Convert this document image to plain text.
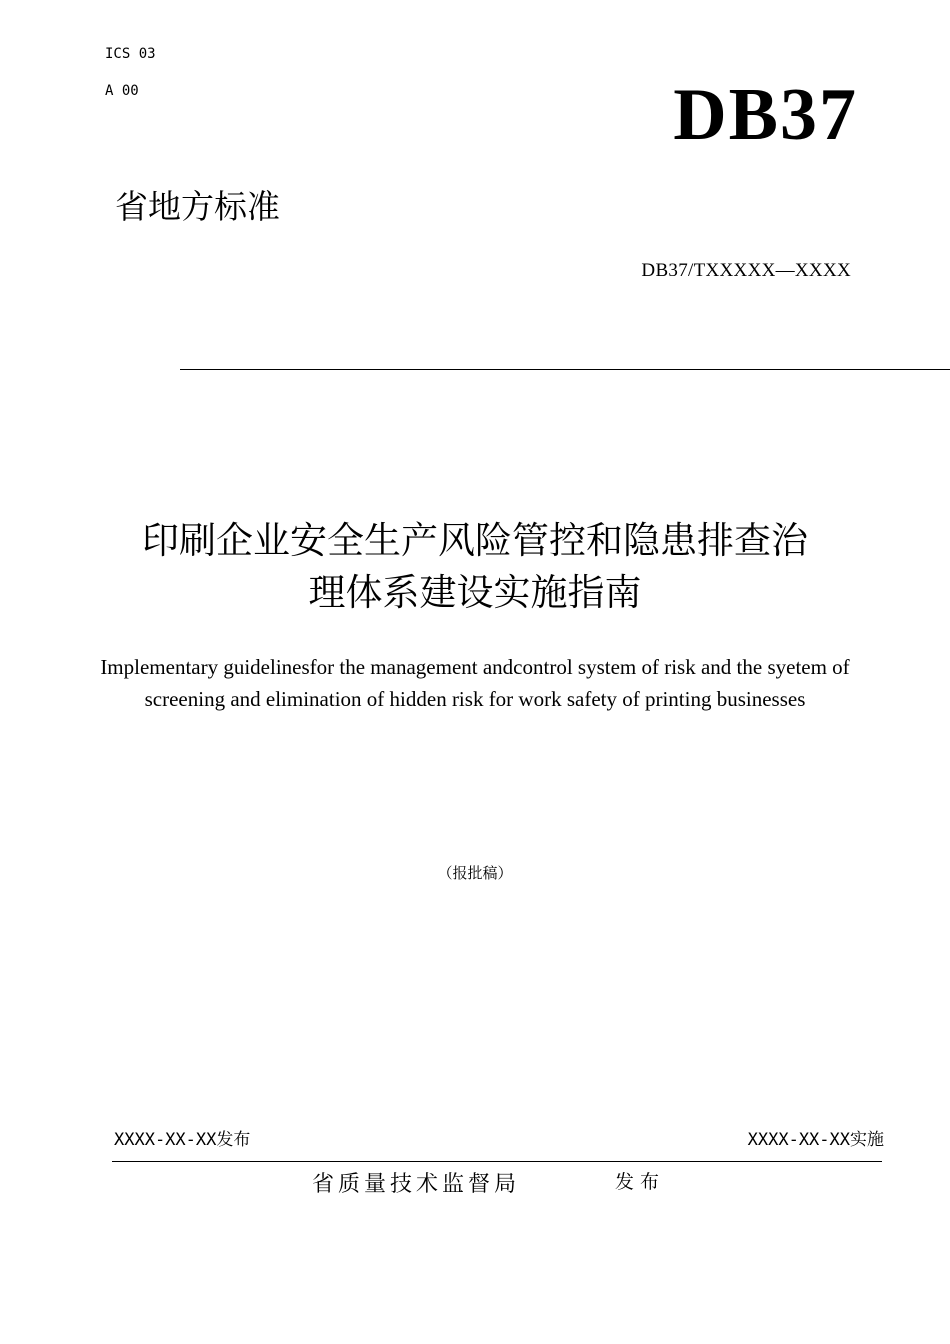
ICS 03
A 00	DB37
省地方标准
DB37/TXXXXX—XXXX
印刷企业安全生产风险管控和隐患排查治
理体系建设实施指南
Implementary guidelinesfor the management andcontrol system of risk and the syetem of screening and elimination of hidden risk for work safety of printing businesses
（报批稿）
XXXX-XX-XX发布	XXXX-XX-XX实施
省质量技术监督局	发布
